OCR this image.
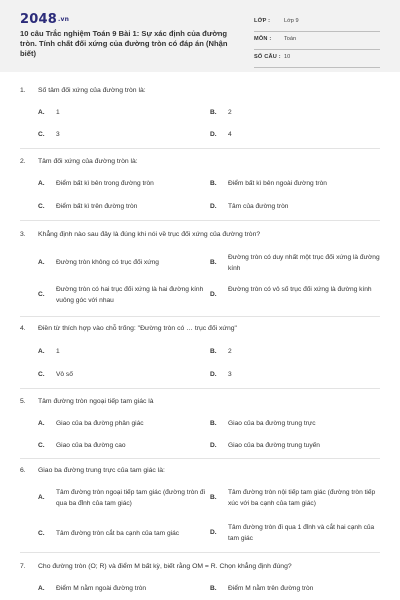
2048.vn
10 câu Trắc nghiệm Toán 9 Bài 1: Sự xác định của đường tròn. Tính chất đối xứng của đường tròn có đáp án (Nhận biết)
LỚP : Lớp 9
MÔN : Toán
SỐ CÂU : 10
1. Số tâm đối xứng của đường tròn là:
A. 1	B. 2
C. 3	D. 4
2. Tâm đối xứng của đường tròn là:
A. Điểm bất kì bên trong đường tròn	B. Điểm bất kì bên ngoài đường tròn
C. Điểm bất kì trên đường tròn	D. Tâm của đường tròn
3. Khẳng định nào sau đây là đúng khi nói về trục đối xứng của đường tròn?
A. Đường tròn không có trục đối xứng	B.
Đường tròn có duy nhất một trục đối xứng là đường kính
C.
Đường tròn có hai trục đối xứng là hai đường kính vuông góc với nhau
D.
Đường tròn có vô số trục đối xứng là đường kính
4. Điền từ thích hợp vào chỗ trống: "Đường tròn có … trục đối xứng"
A. 1	B. 2
C. Vô số	D. 3
5. Tâm đường tròn ngoại tiếp tam giác là
A. Giao của ba đường phân giác	B. Giao của ba đường trung trực
C. Giao của ba đường cao	D. Giao của ba đường trung tuyến
6. Giao ba đường trung trực của tam giác là:
A.
Tâm đường tròn ngoại tiếp tam giác (đường tròn đi qua ba đỉnh của tam giác)
B.
Tâm đường tròn nội tiếp tam giác (đường tròn tiếp xúc với ba cạnh của tam giác)
C. Tâm đường tròn cắt ba cạnh của tam giác	D.
Tâm đường tròn đi qua 1 đỉnh và cắt hai cạnh của tam giác
7. Cho đường tròn (O; R) và điểm M bất kỳ, biết rằng OM = R. Chọn khẳng định đúng?
A. Điểm M nằm ngoài đường tròn	B. Điểm M nằm trên đường tròn
